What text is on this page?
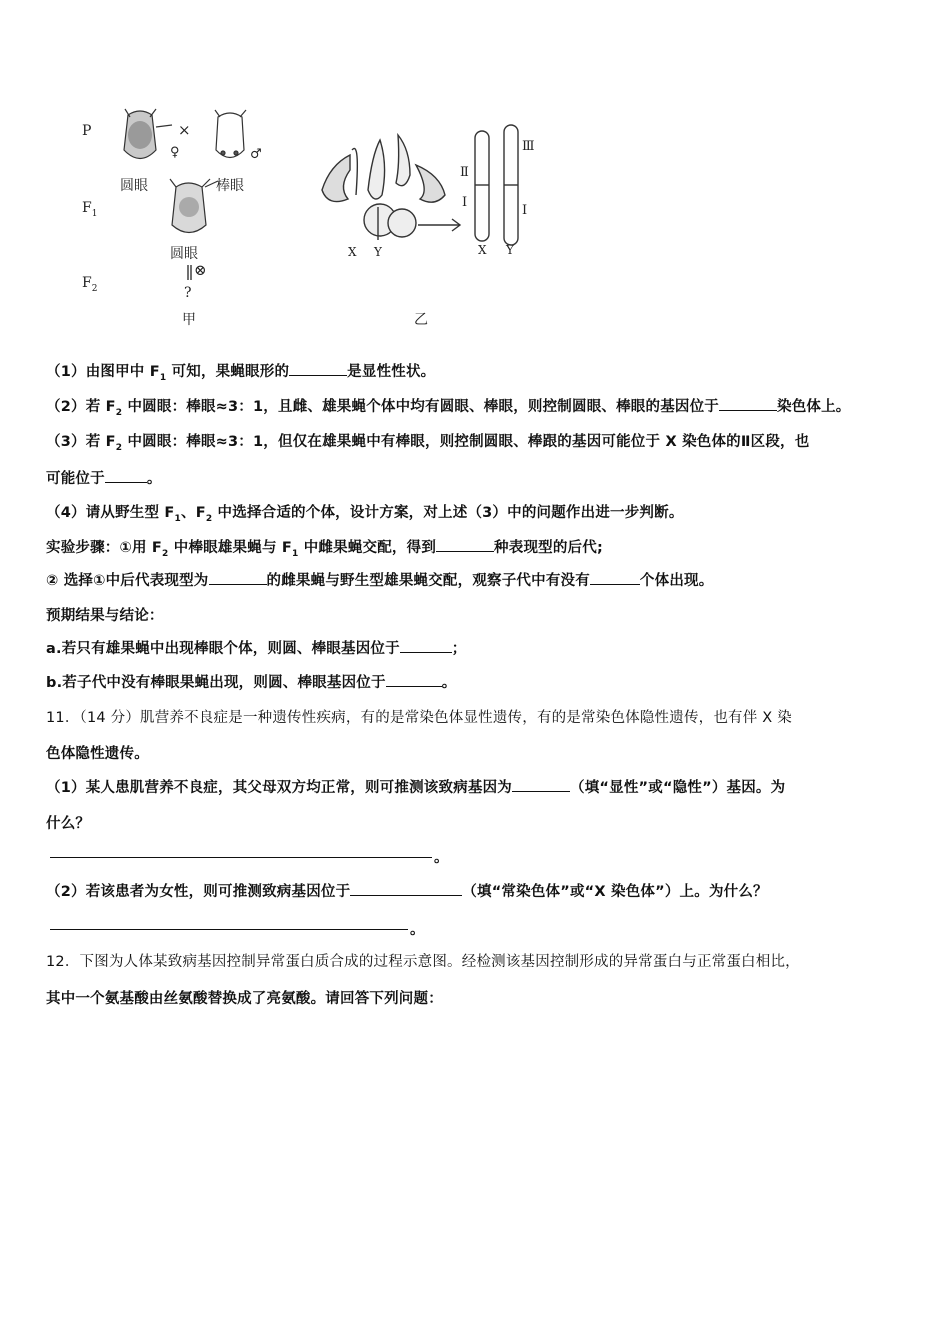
P
$F_1$
$F_2$
×
♀	♂
圆眼	棒眼
圆眼
⊗
?
甲
X Y
Ⅱ
Ⅰ
Ⅲ
Ⅰ
X Y
乙
（1）由图甲中 $F_1$ 可知，果蝇眼形的	是显性性状。
（2）若 $F_2$ 中圆眼：棒眼≈3：1，且雌、雄果蝇个体中均有圆眼、棒眼，则控制圆眼、棒眼的基因位于	染色体上。
（3）若 $F_2$ 中圆眼：棒眼≈3：1，但仅在雄果蝇中有棒眼，则控制圆眼、棒跟的基因可能位于 X 染色体的Ⅱ区段，也
可能位于	。
（4）请从野生型 $F_1$、$F_2$ 中选择合适的个体，设计方案，对上述（3）中的问题作出进一步判断。
实验步骤：①用 $F_2$ 中棒眼雄果蝇与 $F_1$ 中雌果蝇交配，得到	种表现型的后代;
② 选择①中后代表现型为	的雌果蝇与野生型雄果蝇交配，观察子代中有没有	个体出现。
预期结果与结论：
a.若只有雄果蝇中出现棒眼个体，则圆、棒眼基因位于	；
b.若子代中没有棒眼果蝇出现，则圆、棒眼基因位于	。
11．（14 分）肌营养不良症是一种遗传性疾病，有的是常染色体显性遗传，有的是常染色体隐性遗传，也有伴 X 染
色体隐性遗传。
（1）某人患肌营养不良症，其父母双方均正常，则可推测该致病基因为	（填“显性”或“隐性”）基因。为
什么？
。
（2）若该患者为女性，则可推测致病基因位于	（填“常染色体”或“X 染色体”）上。为什么？
。
12．下图为人体某致病基因控制异常蛋白质合成的过程示意图。经检测该基因控制形成的异常蛋白与正常蛋白相比，
其中一个氨基酸由丝氨酸替换成了亮氨酸。请回答下列问题：
